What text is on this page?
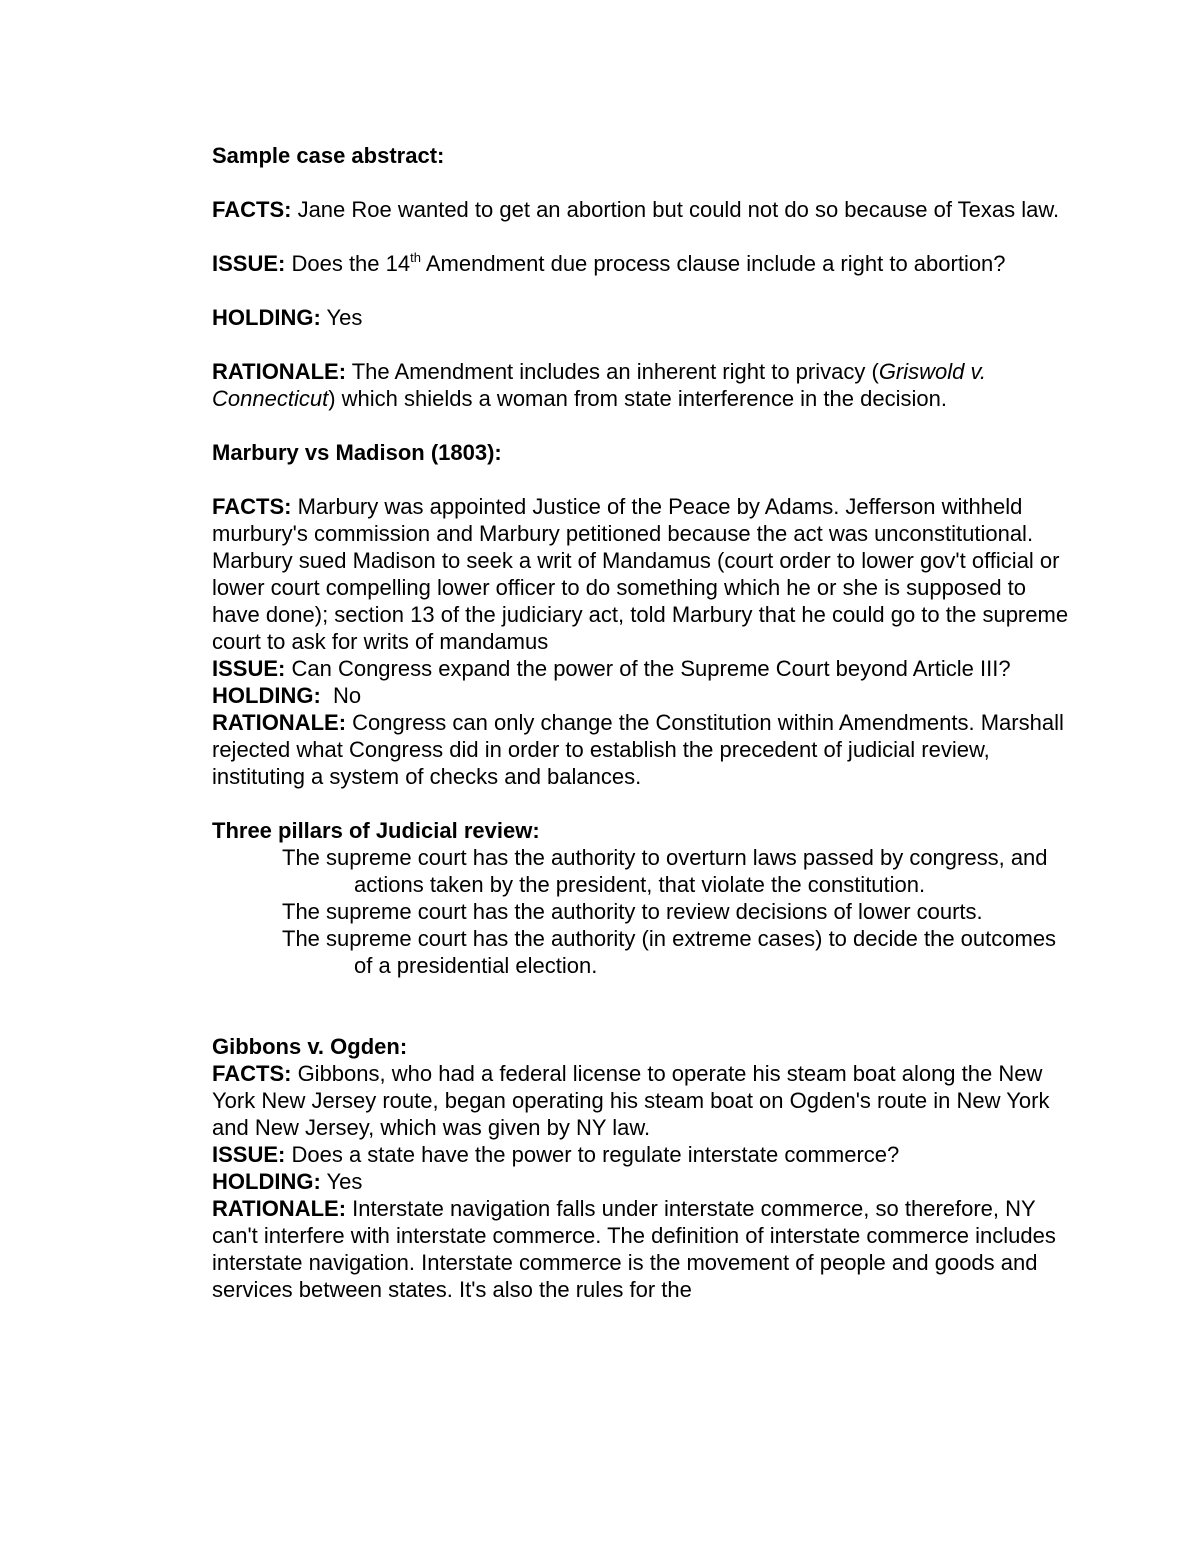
Sample case abstract:

FACTS: Jane Roe wanted to get an abortion but could not do so because of Texas law.

ISSUE: Does the 14th Amendment due process clause include a right to abortion?

HOLDING: Yes

RATIONALE: The Amendment includes an inherent right to privacy (Griswold v. Connecticut) which shields a woman from state interference in the decision.

Marbury vs Madison (1803):

FACTS: Marbury was appointed Justice of the Peace by Adams. Jefferson withheld murbury's commission and Marbury petitioned because the act was unconstitutional. Marbury sued Madison to seek a writ of Mandamus (court order to lower gov't official or lower court compelling lower officer to do something which he or she is supposed to have done); section 13 of the judiciary act, told Marbury that he could go to the supreme court to ask for writs of mandamus

ISSUE: Can Congress expand the power of the Supreme Court beyond Article III?

HOLDING:  No

RATIONALE: Congress can only change the Constitution within Amendments. Marshall rejected what Congress did in order to establish the precedent of judicial review, instituting a system of checks and balances.

Three pillars of Judicial review:

The supreme court has the authority to overturn laws passed by congress, and actions taken by the president, that violate the constitution.

The supreme court has the authority to review decisions of lower courts.

The supreme court has the authority (in extreme cases) to decide the outcomes of a presidential election.

Gibbons v. Ogden:

FACTS: Gibbons, who had a federal license to operate his steam boat along the New York New Jersey route, began operating his steam boat on Ogden's route in New York and New Jersey, which was given by NY law.

ISSUE: Does a state have the power to regulate interstate commerce?

HOLDING: Yes

RATIONALE: Interstate navigation falls under interstate commerce, so therefore, NY can't interfere with interstate commerce. The definition of interstate commerce includes interstate navigation. Interstate commerce is the movement of people and goods and services between states. It's also the rules for the
